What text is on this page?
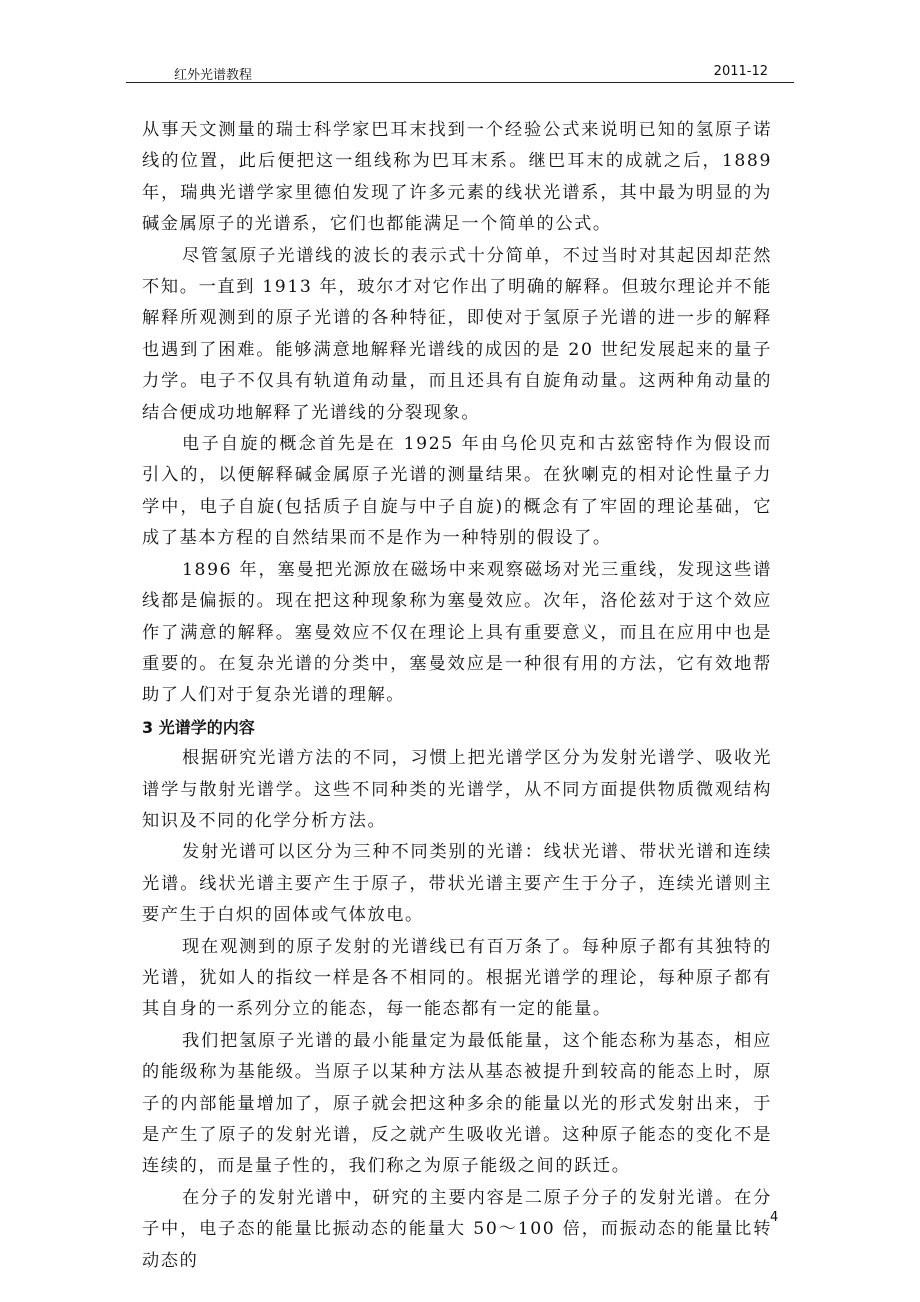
红外光谱教程	2011-12

从事天文测量的瑞士科学家巴耳末找到一个经验公式来说明已知的氢原子诺线的位置，此后便把这一组线称为巴耳末系。继巴耳末的成就之后，1889 年，瑞典光谱学家里德伯发现了许多元素的线状光谱系，其中最为明显的为碱金属原子的光谱系，它们也都能满足一个简单的公式。

尽管氢原子光谱线的波长的表示式十分简单，不过当时对其起因却茫然不知。一直到 1913 年，玻尔才对它作出了明确的解释。但玻尔理论并不能解释所观测到的原子光谱的各种特征，即使对于氢原子光谱的进一步的解释也遇到了困难。能够满意地解释光谱线的成因的是 20 世纪发展起来的量子力学。电子不仅具有轨道角动量，而且还具有自旋角动量。这两种角动量的结合便成功地解释了光谱线的分裂现象。

电子自旋的概念首先是在 1925 年由乌伦贝克和古兹密特作为假设而引入的，以便解释碱金属原子光谱的测量结果。在狄喇克的相对论性量子力学中，电子自旋(包括质子自旋与中子自旋)的概念有了牢固的理论基础，它成了基本方程的自然结果而不是作为一种特别的假设了。

1896 年，塞曼把光源放在磁场中来观察磁场对光三重线，发现这些谱线都是偏振的。现在把这种现象称为塞曼效应。次年，洛伦兹对于这个效应作了满意的解释。塞曼效应不仅在理论上具有重要意义，而且在应用中也是重要的。在复杂光谱的分类中，塞曼效应是一种很有用的方法，它有效地帮助了人们对于复杂光谱的理解。

3 光谱学的内容

根据研究光谱方法的不同，习惯上把光谱学区分为发射光谱学、吸收光谱学与散射光谱学。这些不同种类的光谱学，从不同方面提供物质微观结构知识及不同的化学分析方法。

发射光谱可以区分为三种不同类别的光谱：线状光谱、带状光谱和连续光谱。线状光谱主要产生于原子，带状光谱主要产生于分子，连续光谱则主要产生于白炽的固体或气体放电。

现在观测到的原子发射的光谱线已有百万条了。每种原子都有其独特的光谱，犹如人的指纹一样是各不相同的。根据光谱学的理论，每种原子都有其自身的一系列分立的能态，每一能态都有一定的能量。

我们把氢原子光谱的最小能量定为最低能量，这个能态称为基态，相应的能级称为基能级。当原子以某种方法从基态被提升到较高的能态上时，原子的内部能量增加了，原子就会把这种多余的能量以光的形式发射出来，于是产生了原子的发射光谱，反之就产生吸收光谱。这种原子能态的变化不是连续的，而是量子性的，我们称之为原子能级之间的跃迁。

在分子的发射光谱中，研究的主要内容是二原子分子的发射光谱。在分子中，电子态的能量比振动态的能量大 50～100 倍，而振动态的能量比转动态的

4
